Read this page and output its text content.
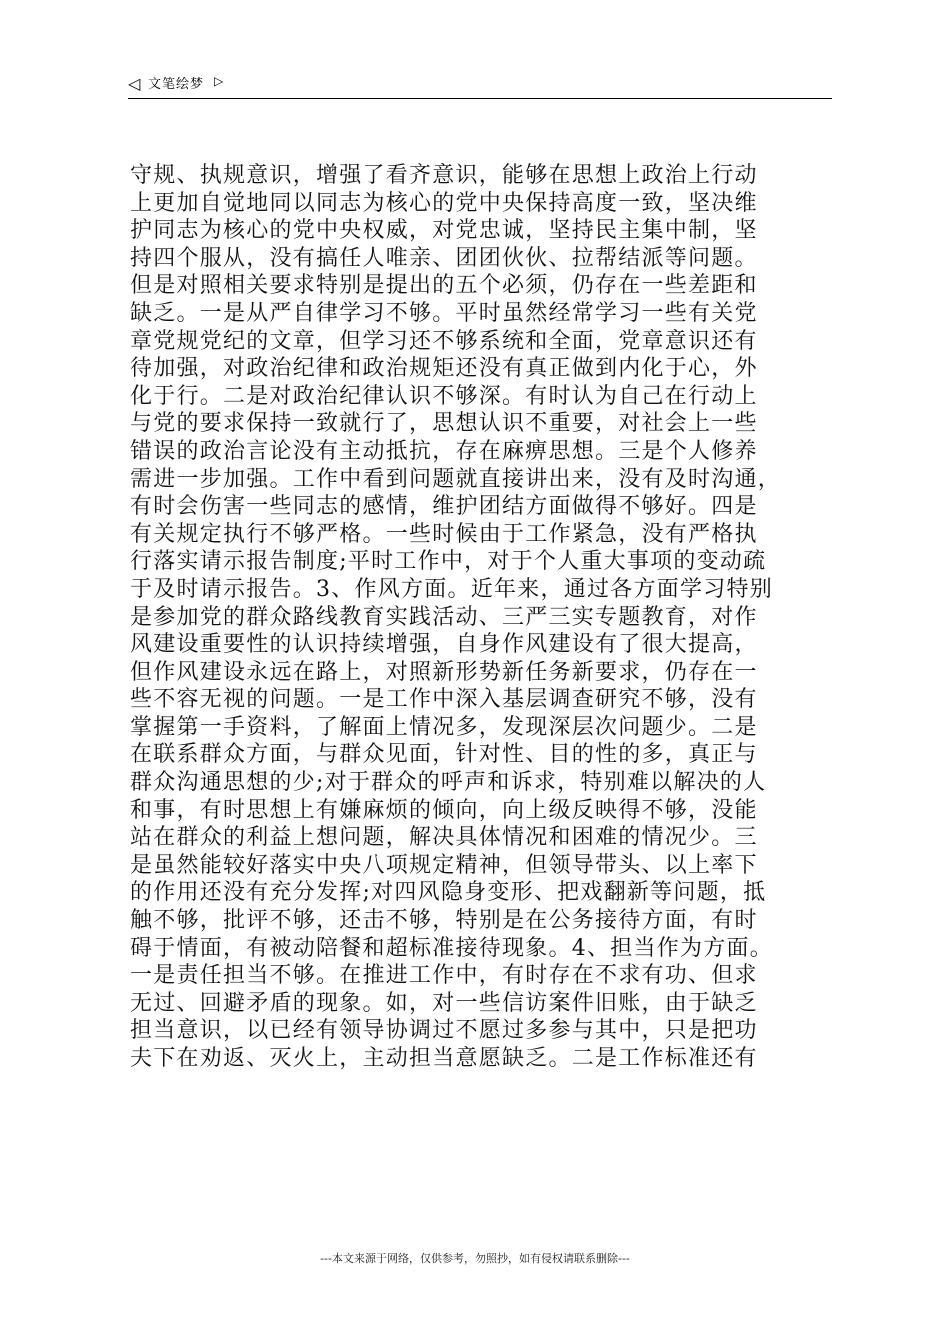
◁ 文笔绘梦 ▷
守规、执规意识，增强了看齐意识，能够在思想上政治上行动
上更加自觉地同以同志为核心的党中央保持高度一致，坚决维
护同志为核心的党中央权威，对党忠诚，坚持民主集中制，坚
持四个服从，没有搞任人唯亲、团团伙伙、拉帮结派等问题。
但是对照相关要求特别是提出的五个必须，仍存在一些差距和
缺乏。一是从严自律学习不够。平时虽然经常学习一些有关党
章党规党纪的文章，但学习还不够系统和全面，党章意识还有
待加强，对政治纪律和政治规矩还没有真正做到内化于心，外
化于行。二是对政治纪律认识不够深。有时认为自己在行动上
与党的要求保持一致就行了，思想认识不重要，对社会上一些
错误的政治言论没有主动抵抗，存在麻痹思想。三是个人修养
需进一步加强。工作中看到问题就直接讲出来，没有及时沟通，
有时会伤害一些同志的感情，维护团结方面做得不够好。四是
有关规定执行不够严格。一些时候由于工作紧急，没有严格执
行落实请示报告制度;平时工作中，对于个人重大事项的变动疏
于及时请示报告。3、作风方面。近年来，通过各方面学习特别
是参加党的群众路线教育实践活动、三严三实专题教育，对作
风建设重要性的认识持续增强，自身作风建设有了很大提高，
但作风建设永远在路上，对照新形势新任务新要求，仍存在一
些不容无视的问题。一是工作中深入基层调查研究不够，没有
掌握第一手资料，了解面上情况多，发现深层次问题少。二是
在联系群众方面，与群众见面，针对性、目的性的多，真正与
群众沟通思想的少;对于群众的呼声和诉求，特别难以解决的人
和事，有时思想上有嫌麻烦的倾向，向上级反映得不够，没能
站在群众的利益上想问题，解决具体情况和困难的情况少。三
是虽然能较好落实中央八项规定精神，但领导带头、以上率下
的作用还没有充分发挥;对四风隐身变形、把戏翻新等问题，抵
触不够，批评不够，还击不够，特别是在公务接待方面，有时
碍于情面，有被动陪餐和超标准接待现象。4、担当作为方面。
一是责任担当不够。在推进工作中，有时存在不求有功、但求
无过、回避矛盾的现象。如，对一些信访案件旧账，由于缺乏
担当意识，以已经有领导协调过不愿过多参与其中，只是把功
夫下在劝返、灭火上，主动担当意愿缺乏。二是工作标准还有
---本文来源于网络，仅供参考，勿照抄，如有侵权请联系删除---
